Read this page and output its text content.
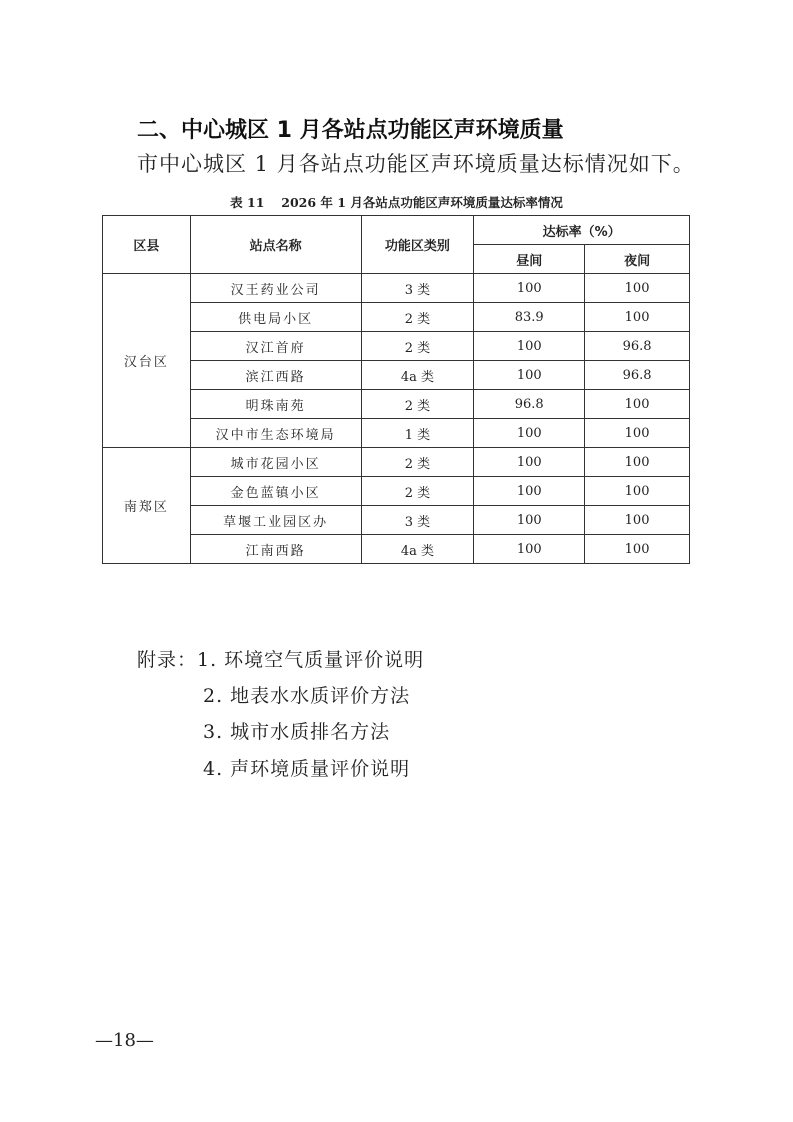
二、中心城区 1 月各站点功能区声环境质量
市中心城区 1 月各站点功能区声环境质量达标情况如下。
表 11　 2026 年 1 月各站点功能区声环境质量达标率情况
区县	站点名称	功能区类别	达标率（%）	
			昼间	夜间
汉台区	汉王药业公司	3 类	100	100
	供电局小区	2 类	83.9	100
	汉江首府	2 类	100	96.8
	滨江西路	4a 类	100	96.8
	明珠南苑	2 类	96.8	100
	汉中市生态环境局	1 类	100	100
南郑区	城市花园小区	2 类	100	100
	金色蓝镇小区	2 类	100	100
	草堰工业园区办	3 类	100	100
	江南西路	4a 类	100	100
附录：1. 环境空气质量评价说明
2. 地表水水质评价方法
3. 城市水质排名方法
4. 声环境质量评价说明
—18—
